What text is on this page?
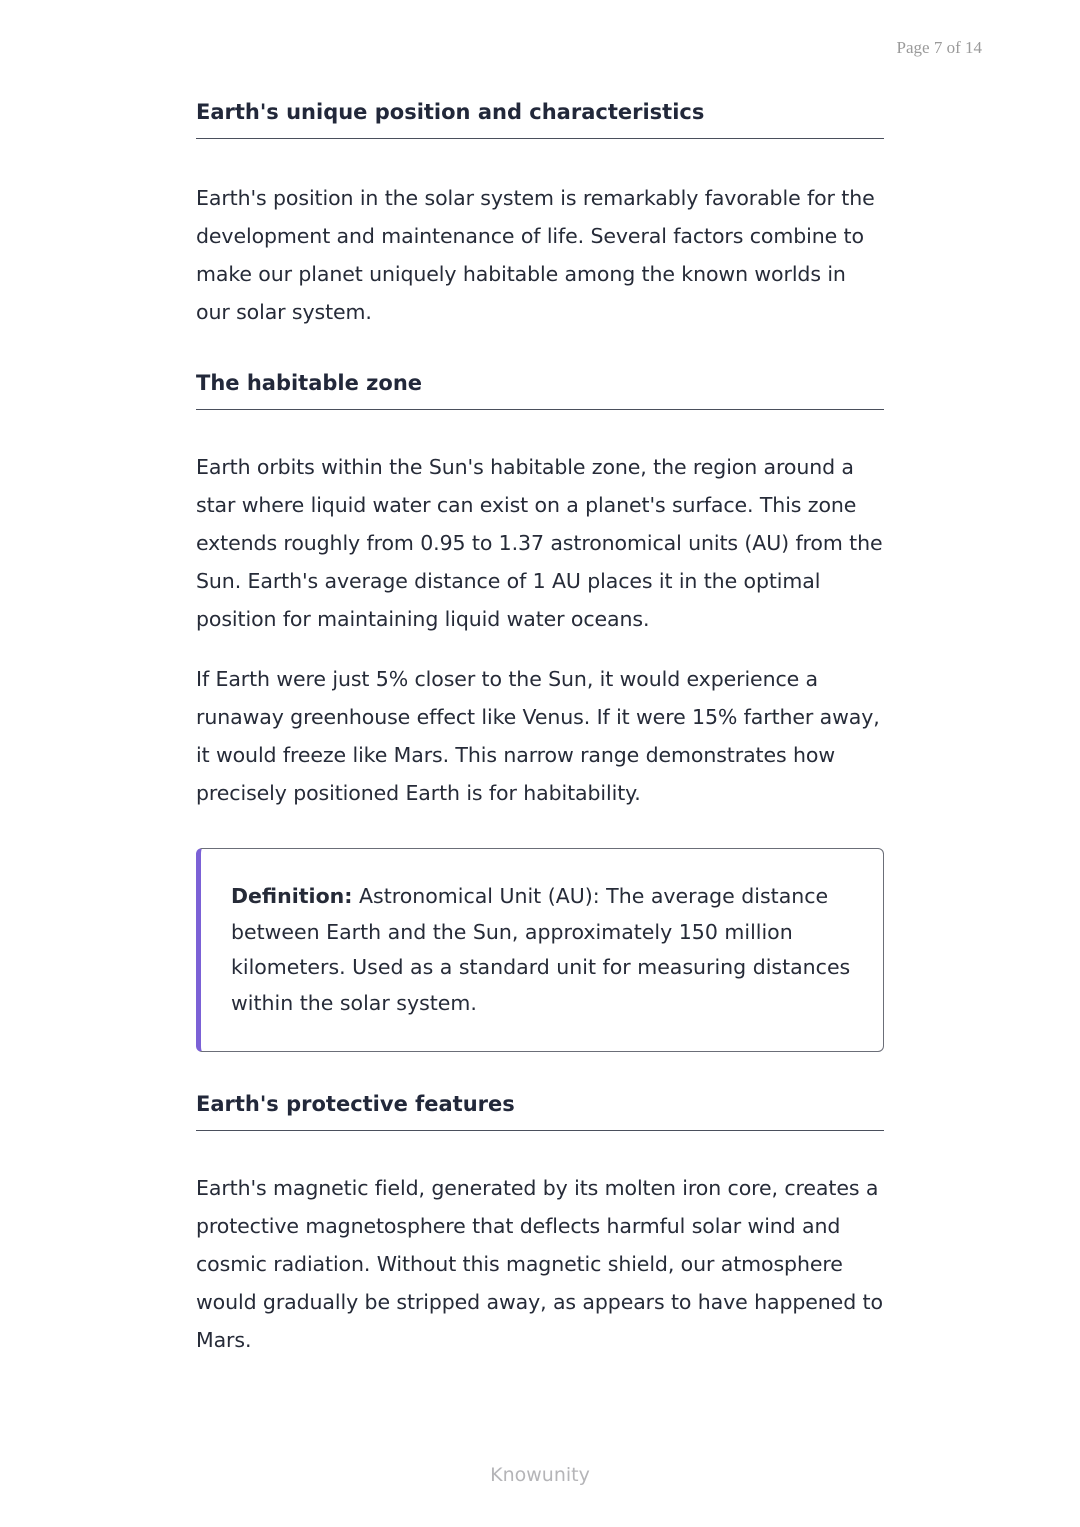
Page 7 of 14
Earth's unique position and characteristics

Earth's position in the solar system is remarkably favorable for the development and maintenance of life. Several factors combine to make our planet uniquely habitable among the known worlds in our solar system.

The habitable zone

Earth orbits within the Sun's habitable zone, the region around a star where liquid water can exist on a planet's surface. This zone extends roughly from 0.95 to 1.37 astronomical units (AU) from the Sun. Earth's average distance of 1 AU places it in the optimal position for maintaining liquid water oceans.

If Earth were just 5% closer to the Sun, it would experience a runaway greenhouse effect like Venus. If it were 15% farther away, it would freeze like Mars. This narrow range demonstrates how precisely positioned Earth is for habitability.

Definition: Astronomical Unit (AU): The average distance between Earth and the Sun, approximately 150 million kilometers. Used as a standard unit for measuring distances within the solar system.

Earth's protective features

Earth's magnetic field, generated by its molten iron core, creates a protective magnetosphere that deflects harmful solar wind and cosmic radiation. Without this magnetic shield, our atmosphere would gradually be stripped away, as appears to have happened to Mars.

Knowunity
